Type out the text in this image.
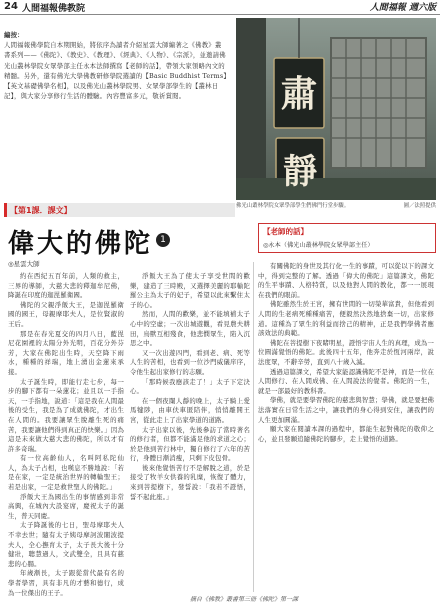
24 人間福報佛教院	人間福報 週六版
編按：
人間福報佛學院自本期開始，將依序為讀者介紹星雲大師編著之《佛教》叢書系列——《佛陀》、《教史》、《教理》、《經典》、《人物》、《宗派》，並邀請佛光山叢林學院女眾學部主任永本法師撰寫【老師的話】，帶領大家領略內文的精髓。另外，還有佛光大學佛教研修學院選讀的【Basic Buddhist Terms】【英文基礎佛學名相】，以及佛光山叢林學院男、女眾學部學生的【叢林日記】，與大家分享修行生活的體驗。內容豐富多元，敬祈賞閱。	肅
靜
佛光山叢林學院女眾學部學生們佛門行堂步驟。	圖／法照提供
【第1課．課文】
偉大的佛陀 1
◎星雲大師
【老師的話】
◎永本（佛光山叢林學院女眾學部主任）

約在西紀五百年前，人類的救主，三界的導師，大慈大悲的釋迦牟尼佛，降誕在印度的迦毘羅衛國。

佛陀的父親淨飯大王，是迦毘羅衛國的國王，母親摩耶夫人，是位賢淑的王后。

那是在春光夏交的四月八日，藍毘尼花園裡的太陽分外光明，百花分外芬芳，大家在佛陀出生時，天空降下雨水，種種的祥瑞，地上湧出金蓮來承接。

太子誕生時，即能行走七步，每一步的腳下都有一朵蓮花；並且以一手指天，一手指地，說道：「這是我在人間最後的受生，我是為了成就佛陀，才出生在人間的。我要讓眾生脫離生死的痛苦，我要讓他們得到真正的快樂。」因為這是未來做大慈大悲的佛陀，所以才有許多奇瑞。

有一位高齡仙人，名叫阿私陀仙人，為太子占相，也嘆息不勝地說：「若是在家，一定是統治世界的轉輪聖王；若是出家，一定是救世聖人的佛陀。」

淨飯大王為國出生的事情感到非常高興，在城內大設宴席，慶祝太子的誕生，普天同慶。

太子降誕後的七日，聖母摩耶夫人不幸去世；隨有太子姨母摩訶波闍波提夫人，全心撫育太子，太子長大後十分健壯，聰慧過人，文武雙全，且具有慈悲的心腸。

年歲漸長，太子跟從當代最有名的學者學習，具有非凡的才藝和德行，成為一位傑出的王子。

淨飯大王為了使太子享受世間的歡樂，建造了三時殿，又選擇美麗的耶輸陀羅公主為太子的妃子，希望以此來繫住太子的心。

然而，人間的歡樂，並不能填補太子心中的空虛；一次出城遊觀，看見農夫耕田，鳥獸互相殘食，他悲憫眾生，陷入沉思之中。

又一次出遊四門，看到老、病、死等人生的苦相，也看到一位沙門威儀庠序，令他生起出家修行的志願。

「那時候我應該走了！」太子下定決心。

在一個夜闌人靜的晚上，太子騎上愛馬犍陟，由車伕車匿陪伴，悄悄離開王宮，從此走上了出家學道的道路。

太子出家以後，先後參訪了當時著名的修行者，但都不能滿足他的求道之心；於是他到苦行林中，獨自修行了六年的苦行，身體日漸消瘦，只剩下皮包骨。

後來他覺悟苦行不是解脫之道，於是接受了牧羊女供養的乳糜，恢復了體力，來到菩提樹下，發誓說：「我若不證悟，誓不起此座。」

有關佛陀的身世及其行化一生的事蹟，可以從以下的課文中，得到完整的了解。透過「偉大的佛陀」這篇課文，佛陀的生平事蹟、人格特質，以及他對人間的教化，都一一展現在我們的眼前。

佛陀雖然生於王宮，擁有世間的一切榮華富貴，但他看到人間的生老病死種種痛苦，便毅然決然地捨棄一切，出家修道。這種為了眾生的利益而捨己的精神，正是我們學佛者應該效法的典範。

佛陀在菩提樹下夜睹明星，證悟宇宙人生的真理，成為一位圓滿覺悟的佛陀。此後四十五年，他奔走於恆河兩岸，說法度眾，不辭辛勞，直到八十歲入滅。

透過這篇課文，希望大家能認識佛陀不是神，而是一位在人間修行、在人間成佛、在人間說法的覺者。佛陀的一生，就是一部最好的教科書。

學佛，就是要學習佛陀的慈悲與智慧；學佛，就是要把佛法落實在日常生活之中，讓我們的身心得到安住，讓我們的人生更加圓滿。

願大家在閱讀本課的過程中，都能生起對佛陀的敬仰之心，並且發願追隨佛陀的腳步，走上覺悟的道路。

摘自《佛教》叢書第三冊《佛陀》第一課
